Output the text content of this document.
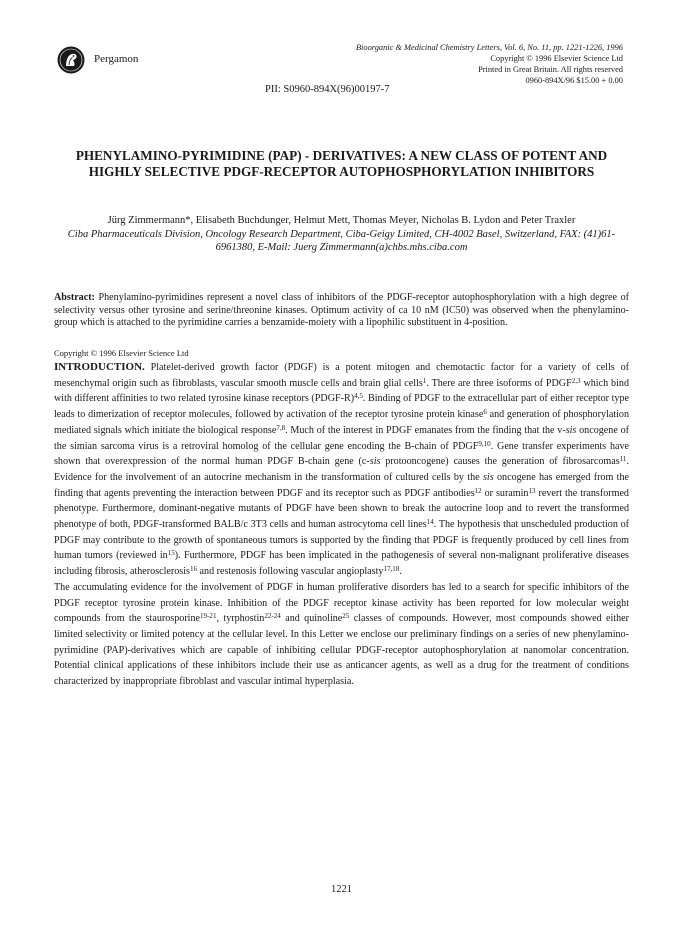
Pergamon
Bioorganic & Medicinal Chemistry Letters, Vol. 6, No. 11, pp. 1221-1226, 1996
Copyright © 1996 Elsevier Science Ltd
Printed in Great Britain. All rights reserved
0960-894X/96 $15.00 + 0.00
PII: S0960-894X(96)00197-7
PHENYLAMINO-PYRIMIDINE (PAP) - DERIVATIVES: A NEW CLASS OF POTENT AND HIGHLY SELECTIVE PDGF-RECEPTOR AUTOPHOSPHORYLATION INHIBITORS
Jürg Zimmermann*, Elisabeth Buchdunger, Helmut Mett, Thomas Meyer, Nicholas B. Lydon and Peter Traxler
Ciba Pharmaceuticals Division, Oncology Research Department, Ciba-Geigy Limited, CH-4002 Basel, Switzerland, FAX: (41)61-6961380, E-Mail: Juerg Zimmermann(a)chbs.mhs.ciba.com
Abstract: Phenylamino-pyrimidines represent a novel class of inhibitors of the PDGF-receptor autophosphorylation with a high degree of selectivity versus other tyrosine and serine/threonine kinases. Optimum activity of ca 10 nM (IC50) was observed when the phenylamino-group which is attached to the pyrimidine carries a benzamide-moiety with a lipophilic substituent in 4-position.
Copyright © 1996 Elsevier Science Ltd

INTRODUCTION. Platelet-derived growth factor (PDGF) is a potent mitogen and chemotactic factor for a variety of cells of mesenchymal origin such as fibroblasts, vascular smooth muscle cells and brain glial cells$^1$. There are three isoforms of PDGF$^{2,3}$ which bind with different affinities to two related tyrosine kinase receptors (PDGF-R)$^{4,5}$. Binding of PDGF to the extracellular part of either receptor type leads to dimerization of receptor molecules, followed by activation of the receptor tyrosine protein kinase$^6$ and generation of phosphorylation mediated signals which initiate the biological response$^{7,8}$. Much of the interest in PDGF emanates from the finding that the v-sis oncogene of the simian sarcoma virus is a retroviral homolog of the cellular gene encoding the B-chain of PDGF$^{9,10}$. Gene transfer experiments have shown that overexpression of the normal human PDGF B-chain gene (c-sis protooncogene) causes the generation of fibrosarcomas$^{11}$. Evidence for the involvement of an autocrine mechanism in the transformation of cultured cells by the sis oncogene has emerged from the finding that agents preventing the interaction between PDGF and its receptor such as PDGF antibodies$^{12}$ or suramin$^{13}$ revert the transformed phenotype. Furthermore, dominant-negative mutants of PDGF have been shown to break the autocrine loop and to revert the transformed phenotype of both, PDGF-transformed BALB/c 3T3 cells and human astrocytoma cell lines$^{14}$. The hypothesis that unscheduled production of PDGF may contribute to the growth of spontaneous tumors is supported by the finding that PDGF is frequently produced by cell lines from human tumors (reviewed $in^{15}$). Furthermore, PDGF has been implicated in the pathogenesis of several non-malignant proliferative diseases including fibrosis, atherosclerosis$^{16}$ and restenosis following vascular angioplasty$^{17,18}$.

The accumulating evidence for the involvement of PDGF in human proliferative disorders has led to a search for specific inhibitors of the PDGF receptor tyrosine protein kinase. Inhibition of the PDGF receptor kinase activity has been reported for low molecular weight compounds from the staurosporine$^{19-21}$, tyrphostin$^{22-24}$ and quinoline$^{25}$ classes of compounds. However, most compounds showed either limited selectivity or limited potency at the cellular level. In this Letter we enclose our preliminary findings on a series of new phenylamino-pyrimidine (PAP)-derivatives which are capable of inhibiting cellular PDGF-receptor autophosphorylation at nanomolar concentration. Potential clinical applications of these inhibitors include their use as anticancer agents, as well as a drug for the treatment of conditions characterized by inappropriate fibroblast and vascular intimal hyperplasia.

1221
